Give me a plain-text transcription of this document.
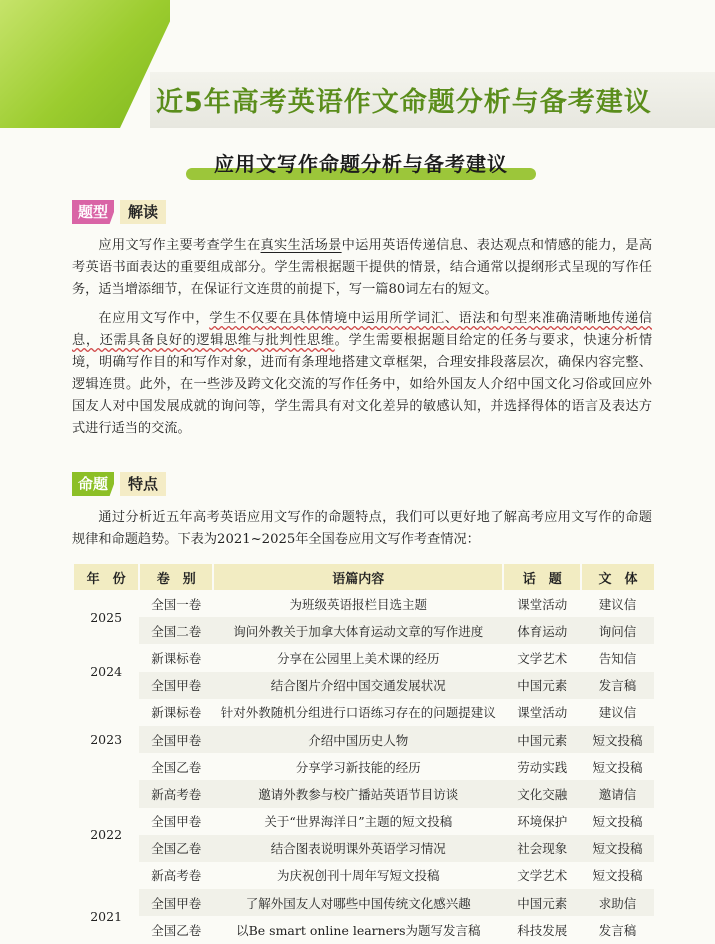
近5年高考英语作文命题分析与备考建议
应用文写作命题分析与备考建议
题型	解读

应用文写作主要考查学生在真实生活场景中运用英语传递信息、表达观点和情感的能力，是高考英语书面表达的重要组成部分。学生需根据题干提供的情景，结合通常以提纲形式呈现的写作任务，适当增添细节，在保证行文连贯的前提下，写一篇80词左右的短文。

在应用文写作中，学生不仅要在具体情境中运用所学词汇、语法和句型来准确清晰地传递信息，还需具备良好的逻辑思维与批判性思维。学生需要根据题目给定的任务与要求，快速分析情境，明确写作目的和写作对象，进而有条理地搭建文章框架，合理安排段落层次，确保内容完整、逻辑连贯。此外，在一些涉及跨文化交流的写作任务中，如给外国友人介绍中国文化习俗或回应外国友人对中国发展成就的询问等，学生需具有对文化差异的敏感认知，并选择得体的语言及表达方式进行适当的交流。

命题	特点

通过分析近五年高考英语应用文写作的命题特点，我们可以更好地了解高考应用文写作的命题规律和命题趋势。下表为2021~2025年全国卷应用文写作考查情况：

年　份	卷　别	语篇内容	话　题	文　体
2025	全国一卷	为班级英语报栏目选主题	课堂活动	建议信
	全国二卷	询问外教关于加拿大体育运动文章的写作进度	体育运动	询问信
2024	新课标卷	分享在公园里上美术课的经历	文学艺术	告知信
	全国甲卷	结合图片介绍中国交通发展状况	中国元素	发言稿
2023	新课标卷	针对外教随机分组进行口语练习存在的问题提建议	课堂活动	建议信
	全国甲卷	介绍中国历史人物	中国元素	短文投稿
	全国乙卷	分享学习新技能的经历	劳动实践	短文投稿
2022	新高考卷	邀请外教参与校广播站英语节目访谈	文化交融	邀请信
	全国甲卷	关于“世界海洋日”主题的短文投稿	环境保护	短文投稿
	全国乙卷	结合图表说明课外英语学习情况	社会现象	短文投稿
	新高考卷	为庆祝创刊十周年写短文投稿	文学艺术	短文投稿
2021	全国甲卷	了解外国友人对哪些中国传统文化感兴趣	中国元素	求助信
	全国乙卷	以Be smart online learners为题写发言稿	科技发展	发言稿
